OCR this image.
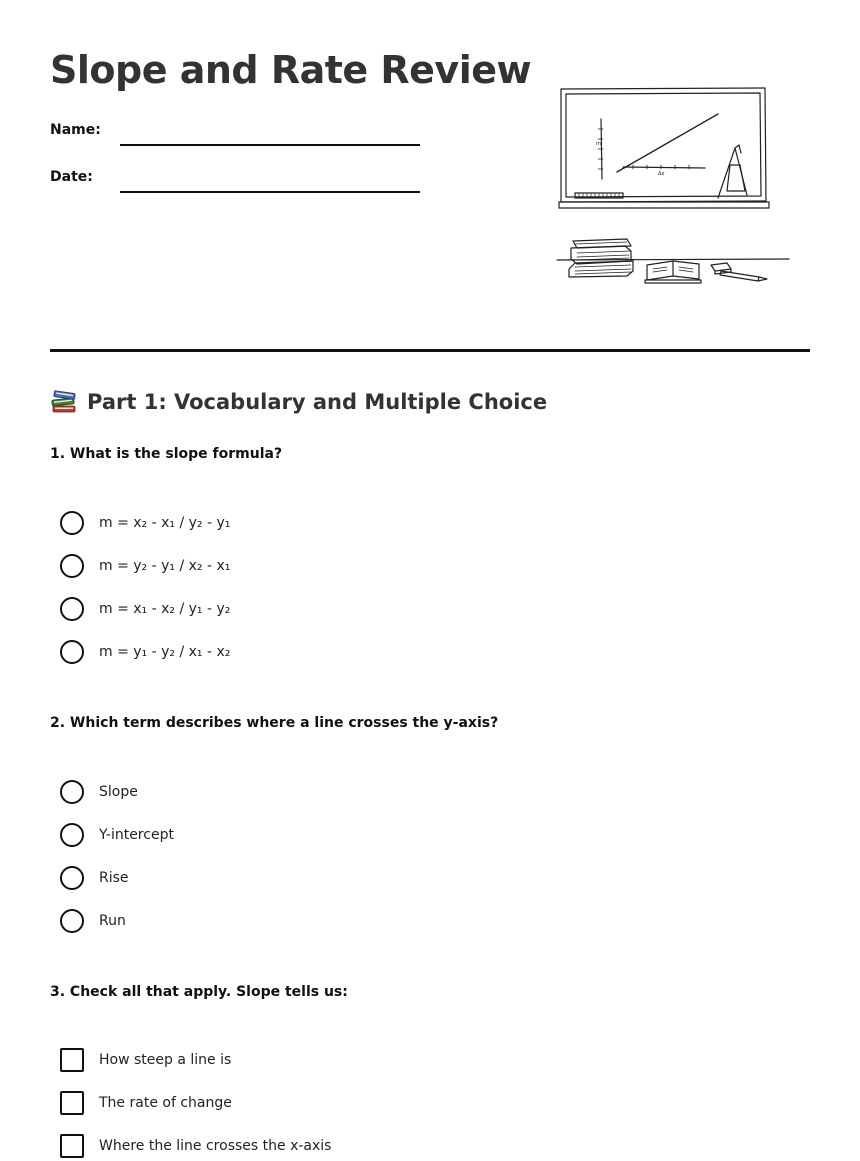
Slope and Rate Review
Name:
Date:
m
Δx
Part 1: Vocabulary and Multiple Choice

1. What is the slope formula?

m = x₂ - x₁ / y₂ - y₁
m = y₂ - y₁ / x₂ - x₁
m = x₁ - x₂ / y₁ - y₂
m = y₁ - y₂ / x₁ - x₂

2. Which term describes where a line crosses the y-axis?

Slope
Y-intercept
Rise
Run

3. Check all that apply. Slope tells us:

How steep a line is
The rate of change
Where the line crosses the x-axis
